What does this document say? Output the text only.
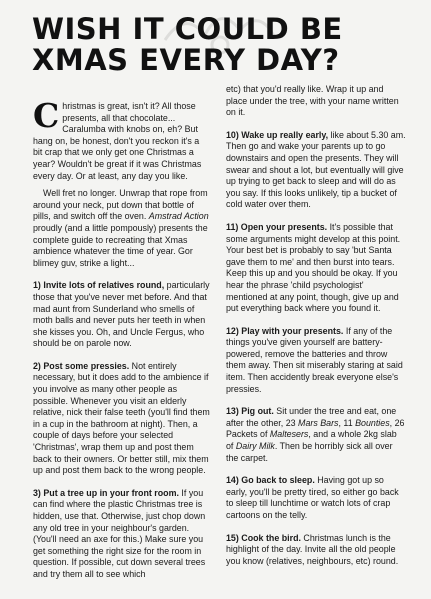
WISH IT COULD BE
XMAS EVERY DAY?

Christmas is great, isn't it? All those presents, all that chocolate... Caralumba with knobs on, eh? But hang on, be honest, don't you reckon it's a bit crap that we only get one Christmas a year? Wouldn't be great if it was Christmas every day. Or at least, any day you like.

Well fret no longer. Unwrap that rope from around your neck, put down that bottle of pills, and switch off the oven. Amstrad Action proudly (and a little pompously) presents the complete guide to recreating that Xmas ambience whatever the time of year. Gor blimey guv, strike a light...

1) Invite lots of relatives round, particularly those that you've never met before. And that mad aunt from Sunderland who smells of moth balls and never puts her teeth in when she kisses you. Oh, and Uncle Fergus, who should be on parole now.

2) Post some pressies. Not entirely necessary, but it does add to the ambience if you involve as many other people as possible. Whenever you visit an elderly relative, nick their false teeth (you'll find them in a cup in the bathroom at night). Then, a couple of days before your selected 'Christmas', wrap them up and post them back to their owners. Or better still, mix them up and post them back to the wrong people.

3) Put a tree up in your front room. If you can find where the plastic Christmas tree is hidden, use that. Otherwise, just chop down any old tree in your neighbour's garden. (You'll need an axe for this.) Make sure you get something the right size for the room in question. If possible, cut down several trees and try them all to see which

etc) that you'd really like. Wrap it up and place under the tree, with your name written on it.

10) Wake up really early, like about 5.30 am. Then go and wake your parents up to go downstairs and open the presents. They will swear and shout a lot, but eventually will give up trying to get back to sleep and will do as you say. If this looks unlikely, tip a bucket of cold water over them.

11) Open your presents. It's possible that some arguments might develop at this point. Your best bet is probably to say 'but Santa gave them to me' and then burst into tears. Keep this up and you should be okay. If you hear the phrase 'child psychologist' mentioned at any point, though, give up and put everything back where you found it.

12) Play with your presents. If any of the things you've given yourself are battery-powered, remove the batteries and throw them away. Then sit miserably staring at said item. Then accidently break everyone else's pressies.

13) Pig out. Sit under the tree and eat, one after the other, 23 Mars Bars, 11 Bounties, 26 Packets of Maltesers, and a whole 2kg slab of Dairy Milk. Then be horribly sick all over the carpet.

14) Go back to sleep. Having got up so early, you'll be pretty tired, so either go back to sleep till lunchtime or watch lots of crap cartoons on the telly.

15) Cook the bird. Christmas lunch is the highlight of the day. Invite all the old people you know (relatives, neighbours, etc) round.
